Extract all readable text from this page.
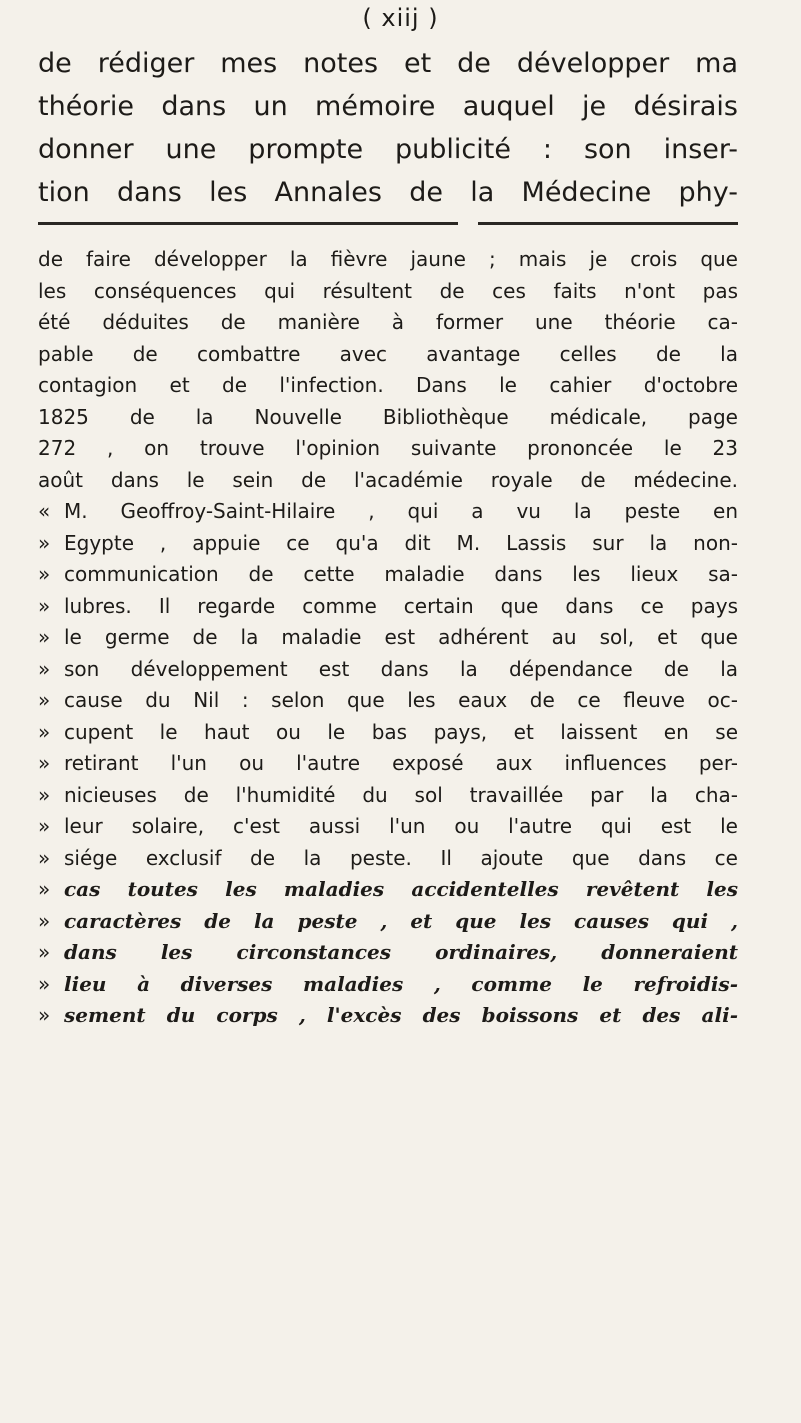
( xiij )
de rédiger mes notes et de développer ma
théorie dans un mémoire auquel je désirais
donner une prompte publicité : son inser-
tion dans les Annales de la Médecine phy-
de faire développer la fièvre jaune ; mais je crois que
les conséquences qui résultent de ces faits n'ont pas
été déduites de manière à former une théorie ca-
pable de combattre avec avantage celles de la
contagion et de l'infection. Dans le cahier d'octobre
1825 de la Nouvelle Bibliothèque médicale, page
272 , on trouve l'opinion suivante prononcée le 23
août dans le sein de l'académie royale de médecine.
« M. Geoffroy-Saint-Hilaire , qui a vu la peste en
» Egypte , appuie ce qu'a dit M. Lassis sur la non-
» communication de cette maladie dans les lieux sa-
» lubres. Il regarde comme certain que dans ce pays
» le germe de la maladie est adhérent au sol, et que
» son développement est dans la dépendance de la
» cause du Nil : selon que les eaux de ce fleuve oc-
» cupent le haut ou le bas pays, et laissent en se
» retirant l'un ou l'autre exposé aux influences per-
» nicieuses de l'humidité du sol travaillée par la cha-
» leur solaire, c'est aussi l'un ou l'autre qui est le
» siége exclusif de la peste. Il ajoute que dans ce
» cas toutes les maladies accidentelles revêtent les
» caractères de la peste , et que les causes qui ,
» dans les circonstances ordinaires, donneraient
» lieu à diverses maladies , comme le refroidis-
» sement du corps , l'excès des boissons et des ali-
